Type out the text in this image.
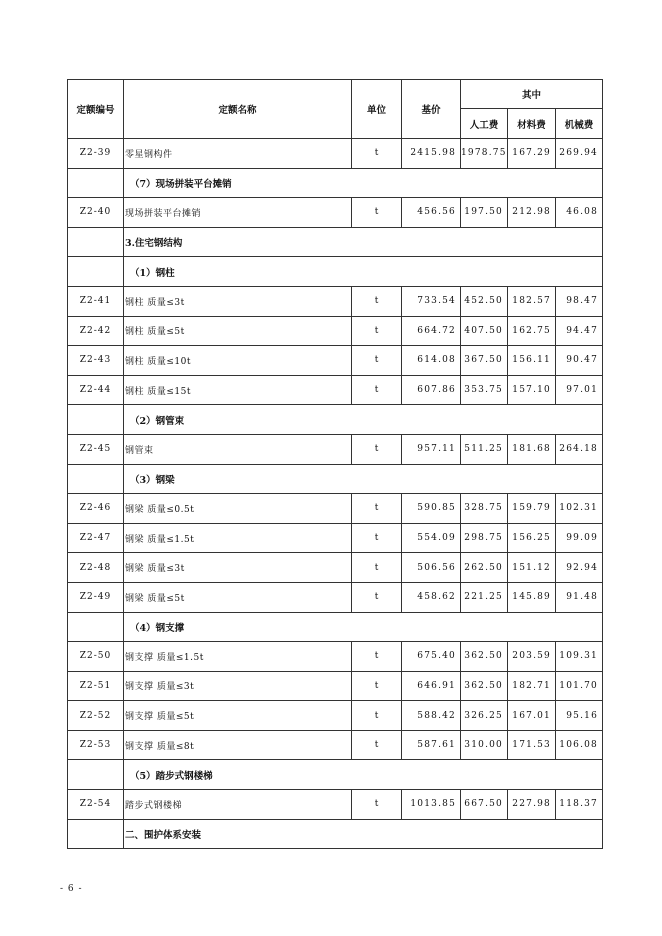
定额编号	定额名称	单位	基价	其中		
				人工费	材料费	机械费
Z2-39	零星钢构件	t	2415.98	1978.75	167.29	269.94
	（7）现场拼装平台摊销					
Z2-40	现场拼装平台摊销	t	456.56	197.50	212.98	46.08
	3.住宅钢结构					
	（1）钢柱					
Z2-41	钢柱 质量≤3t	t	733.54	452.50	182.57	98.47
Z2-42	钢柱 质量≤5t	t	664.72	407.50	162.75	94.47
Z2-43	钢柱 质量≤10t	t	614.08	367.50	156.11	90.47
Z2-44	钢柱 质量≤15t	t	607.86	353.75	157.10	97.01
	（2）钢管束					
Z2-45	钢管束	t	957.11	511.25	181.68	264.18
	（3）钢梁					
Z2-46	钢梁 质量≤0.5t	t	590.85	328.75	159.79	102.31
Z2-47	钢梁 质量≤1.5t	t	554.09	298.75	156.25	99.09
Z2-48	钢梁 质量≤3t	t	506.56	262.50	151.12	92.94
Z2-49	钢梁 质量≤5t	t	458.62	221.25	145.89	91.48
	（4）钢支撑					
Z2-50	钢支撑 质量≤1.5t	t	675.40	362.50	203.59	109.31
Z2-51	钢支撑 质量≤3t	t	646.91	362.50	182.71	101.70
Z2-52	钢支撑 质量≤5t	t	588.42	326.25	167.01	95.16
Z2-53	钢支撑 质量≤8t	t	587.61	310.00	171.53	106.08
	（5）踏步式钢楼梯					
Z2-54	踏步式钢楼梯	t	1013.85	667.50	227.98	118.37
	二、围护体系安装					
- 6 -
